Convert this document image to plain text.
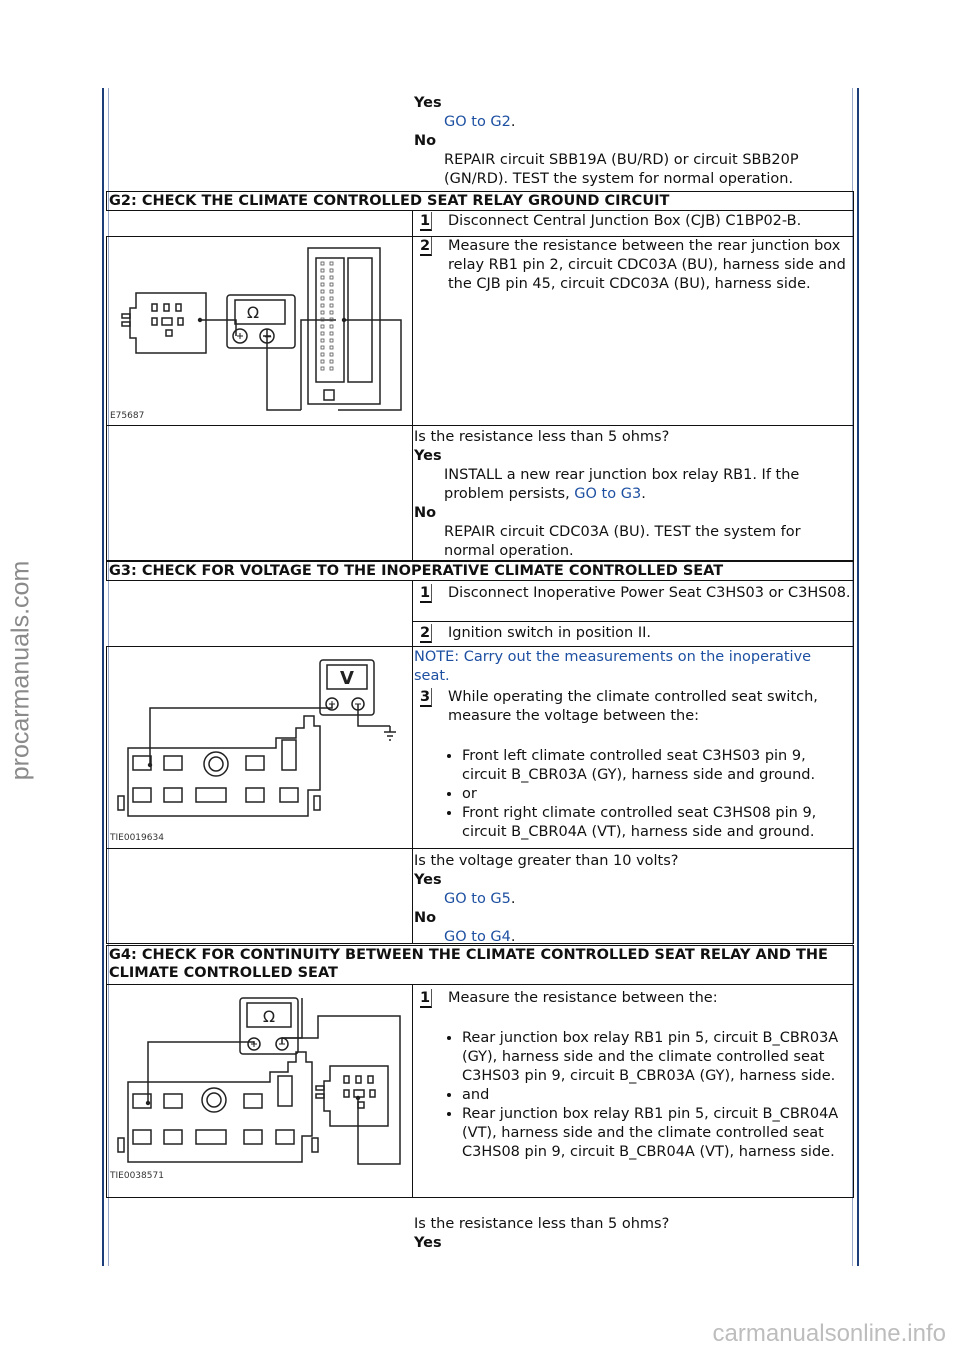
procarmanuals.com
carmanualsonline.info
Yes
GO to G2.
No
REPAIR circuit SBB19A (BU/RD) or circuit SBB20P (GN/RD). TEST the system for normal operation.
G2: CHECK THE CLIMATE CONTROLLED SEAT RELAY GROUND CIRCUIT
1 Disconnect Central Junction Box (CJB) C1BP02-B.
2 Measure the resistance between the rear junction box relay RB1 pin 2, circuit CDC03A (BU), harness side and the CJB pin 45, circuit CDC03A (BU), harness side.
Ω
−
E75687
Is the resistance less than 5 ohms?
Yes
INSTALL a new rear junction box relay RB1. If the problem persists, GO to G3.
No
REPAIR circuit CDC03A (BU). TEST the system for normal operation.
G3: CHECK FOR VOLTAGE TO THE INOPERATIVE CLIMATE CONTROLLED SEAT
1 Disconnect Inoperative Power Seat C3HS03 or C3HS08.
2 Ignition switch in position II.
NOTE: Carry out the measurements on the inoperative seat.
3 While operating the climate controlled seat switch, measure the voltage between the:
• Front left climate controlled seat C3HS03 pin 9, circuit B_CBR03A (GY), harness side and ground.
• or
• Front right climate controlled seat C3HS08 pin 9, circuit B_CBR04A (VT), harness side and ground.
V
TIE0019634
Is the voltage greater than 10 volts?
Yes
GO to G5.
No
GO to G4.
G4: CHECK FOR CONTINUITY BETWEEN THE CLIMATE CONTROLLED SEAT RELAY AND THE CLIMATE CONTROLLED SEAT
1 Measure the resistance between the:
• Rear junction box relay RB1 pin 5, circuit B_CBR03A (GY), harness side and the climate controlled seat C3HS03 pin 9, circuit B_CBR03A (GY), harness side.
• and
• Rear junction box relay RB1 pin 5, circuit B_CBR04A (VT), harness side and the climate controlled seat C3HS08 pin 9, circuit B_CBR04A (VT), harness side.
Ω
TIE0038571
Is the resistance less than 5 ohms?
Yes
